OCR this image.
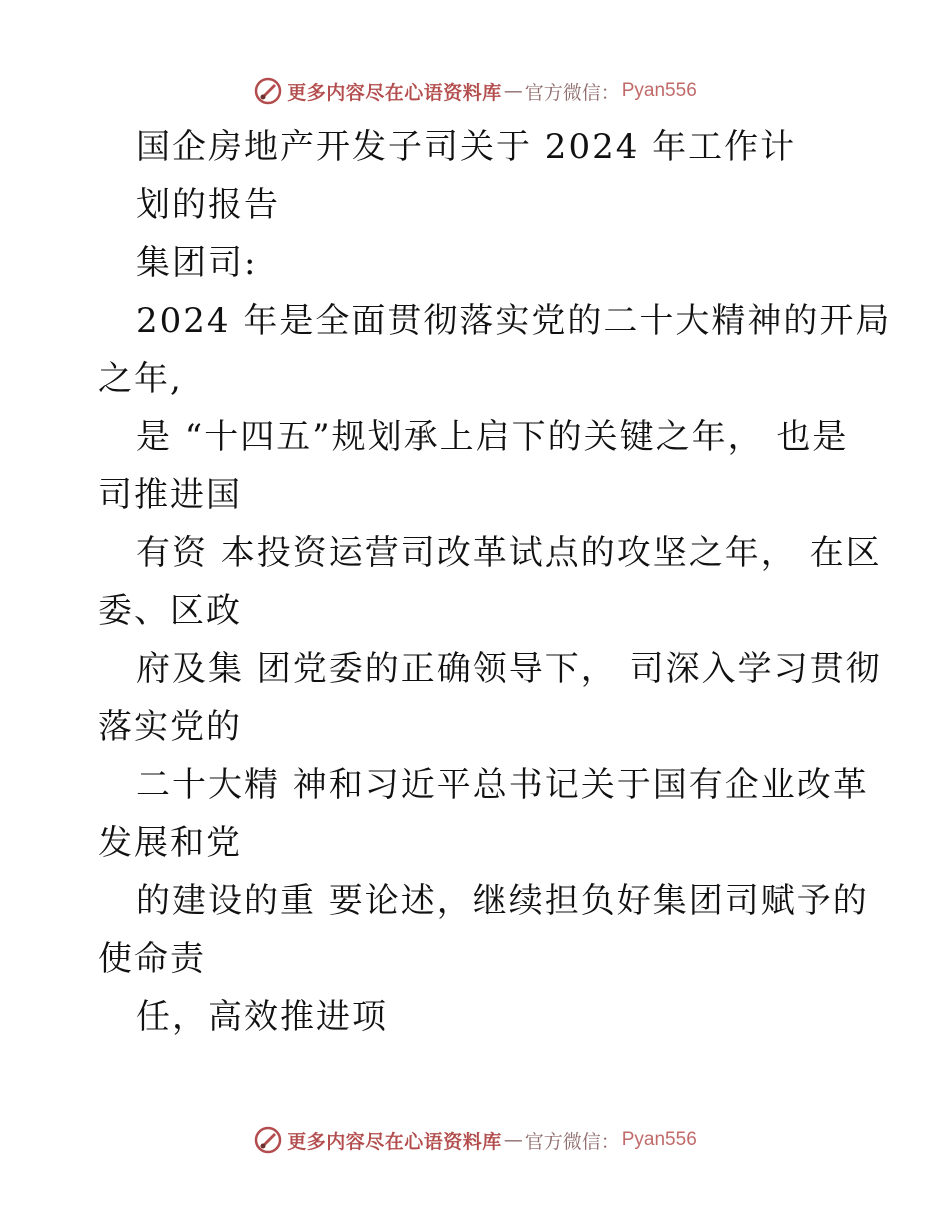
更多内容尽在心语资料库 — 官方微信： Pyan556
国企房地产开发子司关于 2024 年工作计
划的报告
集团司:
2024 年是全面贯彻落实党的二十大精神的开局
之年,
是 “十四五”规划承上启下的关键之年， 也是
司推进国
有资 本投资运营司改革试点的攻坚之年， 在区
委、区政
府及集 团党委的正确领导下， 司深入学习贯彻
落实党的
二十大精 神和习近平总书记关于国有企业改革
发展和党
的建设的重 要论述，继续担负好集团司赋予的
使命责
任，高效推进项
更多内容尽在心语资料库 — 官方微信： Pyan556
